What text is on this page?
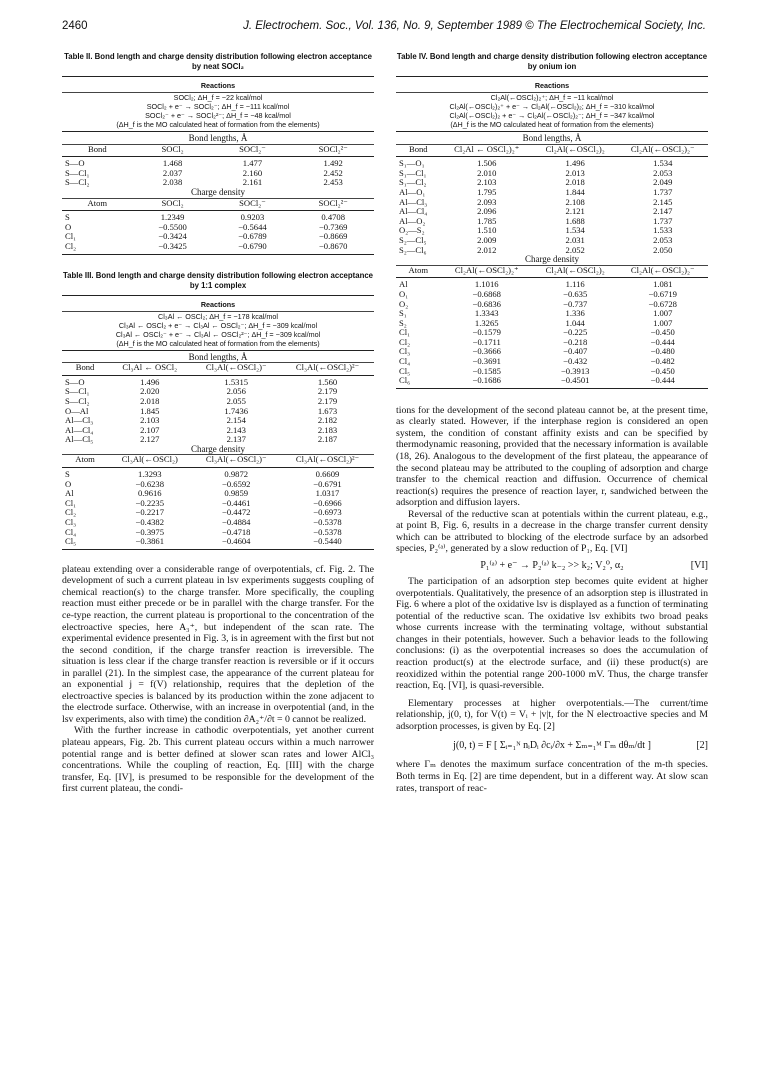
2460	J. Electrochem. Soc., Vol. 136, No. 9, September 1989 © The Electrochemical Society, Inc.
Table II. Bond length and charge density distribution following electron acceptance by neat SOCl₂
Reactions
SOCl₂; ΔH_f = −22 kcal/mol
SOCl₂ + e⁻ → SOCl₂⁻; ΔH_f = −111 kcal/mol
SOCl₂⁻ + e⁻ → SOCl₂²⁻; ΔH_f = −48 kcal/mol
(ΔH_f is the MO calculated heat of formation from the elements)
Bond lengths, Å			

Bond	SOCl₂	SOCl₂⁻	SOCl₂²⁻

S—O	1.468	1.477	1.492
S—Cl₁	2.037	2.160	2.452
S—Cl₂	2.038	2.161	2.453
Charge density			

Atom	SOCl₂	SOCl₂⁻	SOCl₂²⁻

S	1.2349	0.9203	0.4708
O	−0.5500	−0.5644	−0.7369
Cl₁	−0.3424	−0.6789	−0.8669
Cl₂	−0.3425	−0.6790	−0.8670

Table III. Bond length and charge density distribution following electron acceptance by 1:1 complex
Reactions
Cl₃Al ← OSCl₂; ΔH_f = −178 kcal/mol
Cl₃Al ← OSCl₂ + e⁻ → Cl₃Al ← OSCl₂⁻; ΔH_f = −309 kcal/mol
Cl₃Al ← OSCl₂⁻ + e⁻ → Cl₃Al ← OSCl₂²⁻; ΔH_f = −309 kcal/mol
(ΔH_f is the MO calculated heat of formation from the elements)
Bond lengths, Å			

Bond	Cl₃Al ← OSCl₂	Cl₃Al(←OSCl₂)⁻	Cl₃Al(←OSCl₂)²⁻

S—O	1.496	1.5315	1.560
S—Cl₁	2.020	2.056	2.179
S—Cl₂	2.018	2.055	2.179
O—Al	1.845	1.7436	1.673
Al—Cl₃	2.103	2.154	2.182
Al—Cl₄	2.107	2.143	2.183
Al—Cl₅	2.127	2.137	2.187
Charge density			

Atom	Cl₃Al(←OSCl₂)	Cl₃Al(←OSCl₂)⁻	Cl₃Al(←OSCl₂)²⁻

S	1.3293	0.9872	0.6609
O	−0.6238	−0.6592	−0.6791
Al	0.9616	0.9859	1.0317
Cl₁	−0.2235	−0.4461	−0.6966
Cl₂	−0.2217	−0.4472	−0.6973
Cl₃	−0.4382	−0.4884	−0.5378
Cl₄	−0.3975	−0.4718	−0.5378
Cl₅	−0.3861	−0.4604	−0.5440

plateau extending over a considerable range of overpotentials, cf. Fig. 2. The development of such a current plateau in lsv experiments suggests coupling of chemical reaction(s) to the charge transfer. More specifically, the coupling reaction must either precede or be in parallel with the charge transfer. For the ce-type reaction, the current plateau is proportional to the concentration of the electroactive species, here A₃⁺, but independent of the scan rate. The experimental evidence presented in Fig. 3, is in agreement with the first but not the second condition, if the charge transfer reaction is irreversible. The situation is less clear if the charge transfer reaction is reversible or if it occurs in parallel (21). In the simplest case, the appearance of the current plateau for an exponential j = f(V) relationship, requires that the depletion of the electroactive species is balanced by its production within the zone adjacent to the electrode surface. Otherwise, with an increase in overpotential (and, in the lsv experiments, also with time) the condition ∂A₂⁺/∂t = 0 cannot be realized.

With the further increase in cathodic overpotentials, yet another current plateau appears, Fig. 2b. This current plateau occurs within a much narrower potential range and is better defined at slower scan rates and lower AlCl₃ concentrations. While the coupling of reaction, Eq. [III] with the charge transfer, Eq. [IV], is presumed to be responsible for the development of the first current plateau, the condi-

Table IV. Bond length and charge density distribution following electron acceptance by onium ion
Reactions
Cl₂Al(←OSCl₂)₂⁺; ΔH_f = −11 kcal/mol
Cl₂Al(←OSCl₂)₂⁺ + e⁻ → Cl₂Al(←OSCl₂)₂; ΔH_f = −310 kcal/mol
Cl₂Al(←OSCl₂)₂ + e⁻ → Cl₂Al(←OSCl₂)₂⁻; ΔH_f = −347 kcal/mol
(ΔH_f is the MO calculated heat of formation from the elements)
Bond lengths, Å			

Bond	Cl₂Al ← OSCl₂)₂⁺	Cl₂Al(←OSCl₂)₂	Cl₂Al(←OSCl₂)₂⁻

S₁—O₁	1.506	1.496	1.534
S₁—Cl₁	2.010	2.013	2.053
S₁—Cl₂	2.103	2.018	2.049
Al—O₁	1.795	1.844	1.737
Al—Cl₃	2.093	2.108	2.145
Al—Cl₄	2.096	2.121	2.147
Al—O₂	1.785	1.688	1.737
O₂—S₂	1.510	1.534	1.533
S₂—Cl₅	2.009	2.031	2.053
S₂—Cl₆	2.012	2.052	2.050
Charge density			

Atom	Cl₂Al(←OSCl₂)₂⁺	Cl₂Al(←OSCl₂)₂	Cl₂Al(←OSCl₂)₂⁻

Al	1.1016	1.116	1.081
O₁	−0.6868	−0.635	−0.6719
O₂	−0.6836	−0.737	−0.6728
S₁	1.3343	1.336	1.007
S₂	1.3265	1.044	1.007
Cl₁	−0.1579	−0.225	−0.450
Cl₂	−0.1711	−0.218	−0.444
Cl₃	−0.3666	−0.407	−0.480
Cl₄	−0.3691	−0.432	−0.482
Cl₅	−0.1585	−0.3913	−0.450
Cl₆	−0.1686	−0.4501	−0.444

tions for the development of the second plateau cannot be, at the present time, as clearly stated. However, if the interphase region is considered an open system, the condition of constant affinity exists and can be specified by thermodynamic reasoning, provided that the necessary information is available (18, 26). Analogous to the development of the first plateau, the appearance of the second plateau may be attributed to the coupling of adsorption and charge transfer to the chemical reaction and diffusion. Occurrence of chemical reaction(s) requires the presence of reaction layer, r, sandwiched between the adsorption and diffusion layers.

Reversal of the reductive scan at potentials within the current plateau, e.g., at point B, Fig. 6, results in a decrease in the charge transfer current density which can be attributed to blocking of the electrode surface by an adsorbed species, P₂⁽ᵃ⁾, generated by a slow reduction of P₁, Eq. [VI]

P₁⁽ᵃ⁾ + e⁻ → P₂⁽ᵃ⁾ k₋₂ >> k₂; V₂⁰, α₂	[VI]

The participation of an adsorption step becomes quite evident at higher overpotentials. Qualitatively, the presence of an adsorption step is illustrated in Fig. 6 where a plot of the oxidative lsv is displayed as a function of terminating potential of the reductive scan. The oxidative lsv exhibits two broad peaks whose currents increase with the terminating voltage, without substantial changes in their potentials, however. Such a behavior leads to the following conclusions: (i) as the overpotential increases so does the accumulation of reaction product(s) at the electrode surface, and (ii) these product(s) are reoxidized within the potential range 200-1000 mV. Thus, the charge transfer reaction, Eq. [VI], is quasi-reversible.

Elementary processes at higher overpotentials.—The current/time relationship, j(0, t), for V(t) = Vᵢ + |v|t, for the N electroactive species and M adsorption processes, is given by Eq. [2]

j(0, t) = F [ Σᵢ₌₁ᴺ nᵢDᵢ ∂cᵢ/∂x + Σₘ₌₁ᴹ Γₘ dθₘ/dt ]	[2]

where Γₘ denotes the maximum surface concentration of the m-th species. Both terms in Eq. [2] are time dependent, but in a different way. At slow scan rates, transport of reac-
